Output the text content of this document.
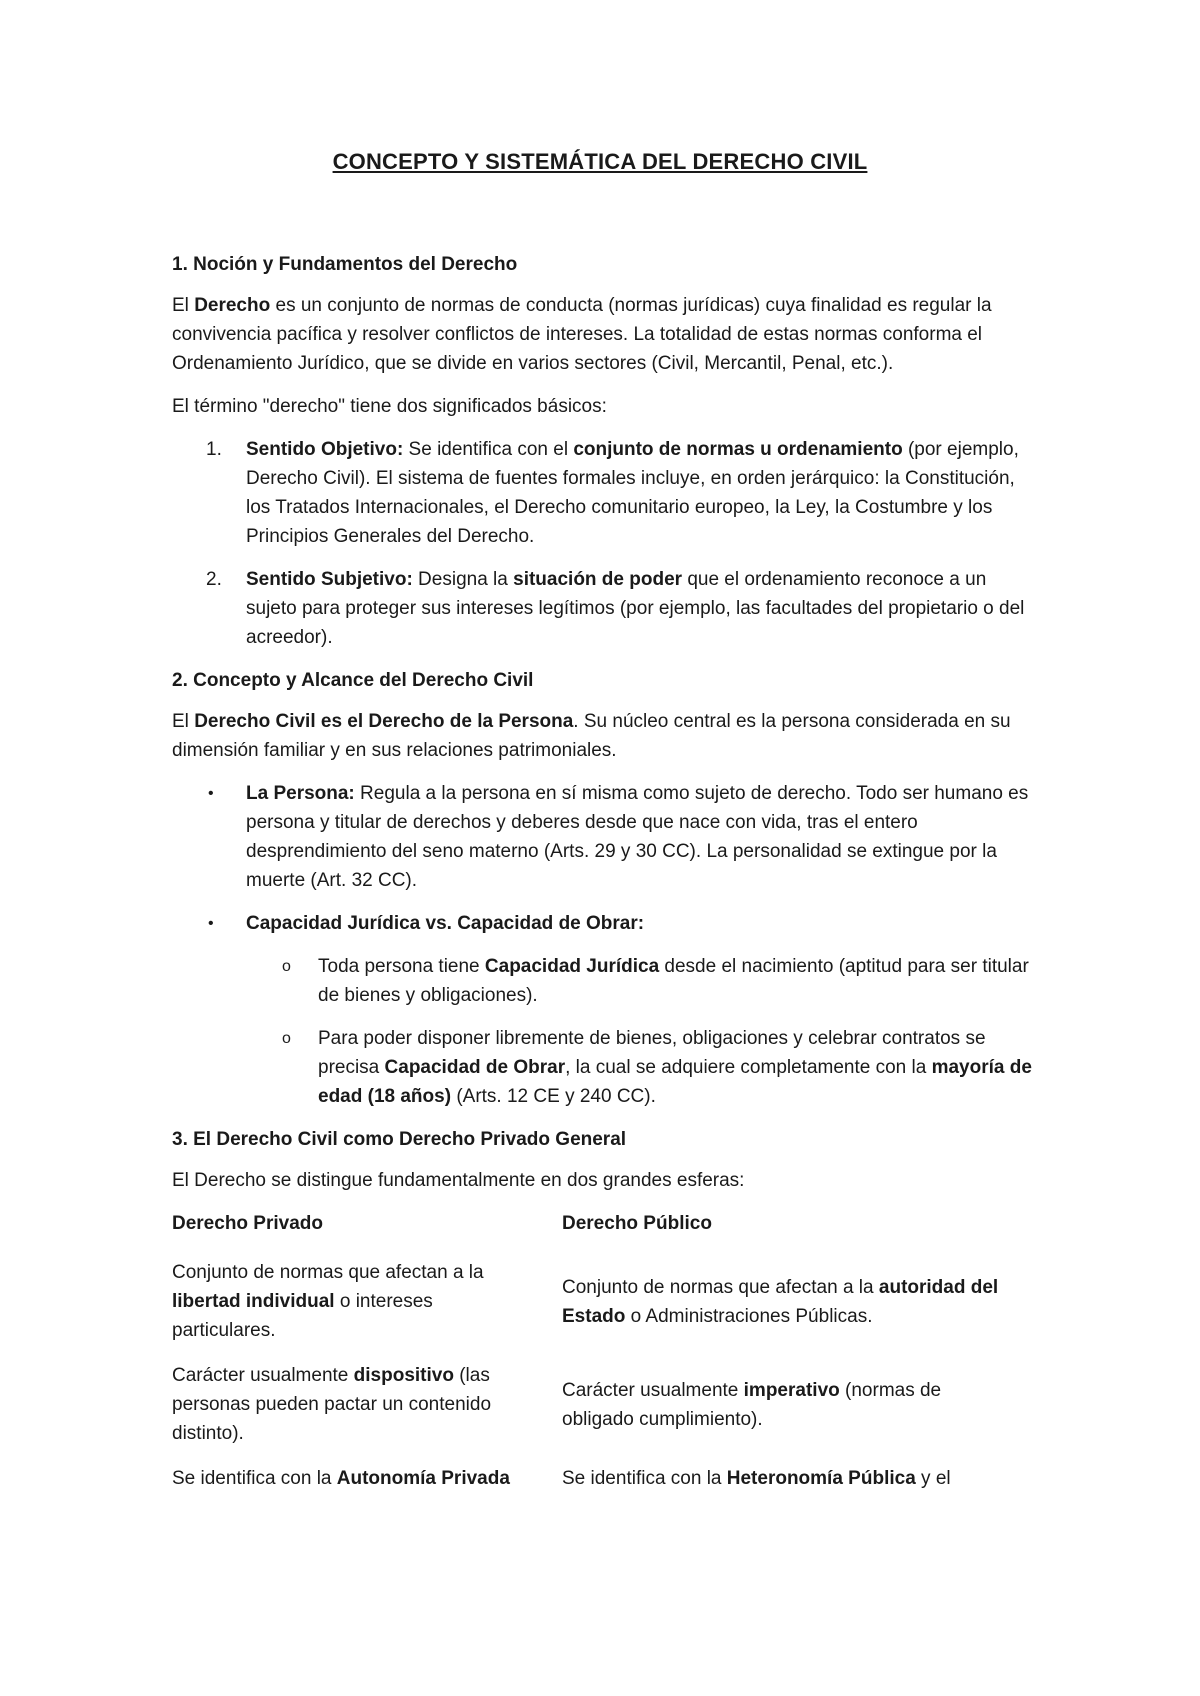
CONCEPTO Y SISTEMÁTICA DEL DERECHO CIVIL
1. Noción y Fundamentos del Derecho

El Derecho es un conjunto de normas de conducta (normas jurídicas) cuya finalidad es regular la convivencia pacífica y resolver conflictos de intereses. La totalidad de estas normas conforma el Ordenamiento Jurídico, que se divide en varios sectores (Civil, Mercantil, Penal, etc.).

El término "derecho" tiene dos significados básicos:

1. Sentido Objetivo: Se identifica con el conjunto de normas u ordenamiento (por ejemplo, Derecho Civil). El sistema de fuentes formales incluye, en orden jerárquico: la Constitución, los Tratados Internacionales, el Derecho comunitario europeo, la Ley, la Costumbre y los Principios Generales del Derecho.
2. Sentido Subjetivo: Designa la situación de poder que el ordenamiento reconoce a un sujeto para proteger sus intereses legítimos (por ejemplo, las facultades del propietario o del acreedor).
2. Concepto y Alcance del Derecho Civil

El Derecho Civil es el Derecho de la Persona. Su núcleo central es la persona considerada en su dimensión familiar y en sus relaciones patrimoniales.

• La Persona: Regula a la persona en sí misma como sujeto de derecho. Todo ser humano es persona y titular de derechos y deberes desde que nace con vida, tras el entero desprendimiento del seno materno (Arts. 29 y 30 CC). La personalidad se extingue por la muerte (Art. 32 CC).
• Capacidad Jurídica vs. Capacidad de Obrar:
o Toda persona tiene Capacidad Jurídica desde el nacimiento (aptitud para ser titular de bienes y obligaciones).
o Para poder disponer libremente de bienes, obligaciones y celebrar contratos se precisa Capacidad de Obrar, la cual se adquiere completamente con la mayoría de edad (18 años) (Arts. 12 CE y 240 CC).
3. El Derecho Civil como Derecho Privado General

El Derecho se distingue fundamentalmente en dos grandes esferas:

Derecho Privado	Derecho Público
Conjunto de normas que afectan a la libertad individual o intereses particulares.
Conjunto de normas que afectan a la autoridad del Estado o Administraciones Públicas.
Carácter usualmente dispositivo (las personas pueden pactar un contenido distinto).
Carácter usualmente imperativo (normas de obligado cumplimiento).
Se identifica con la Autonomía Privada	Se identifica con la Heteronomía Pública y el
